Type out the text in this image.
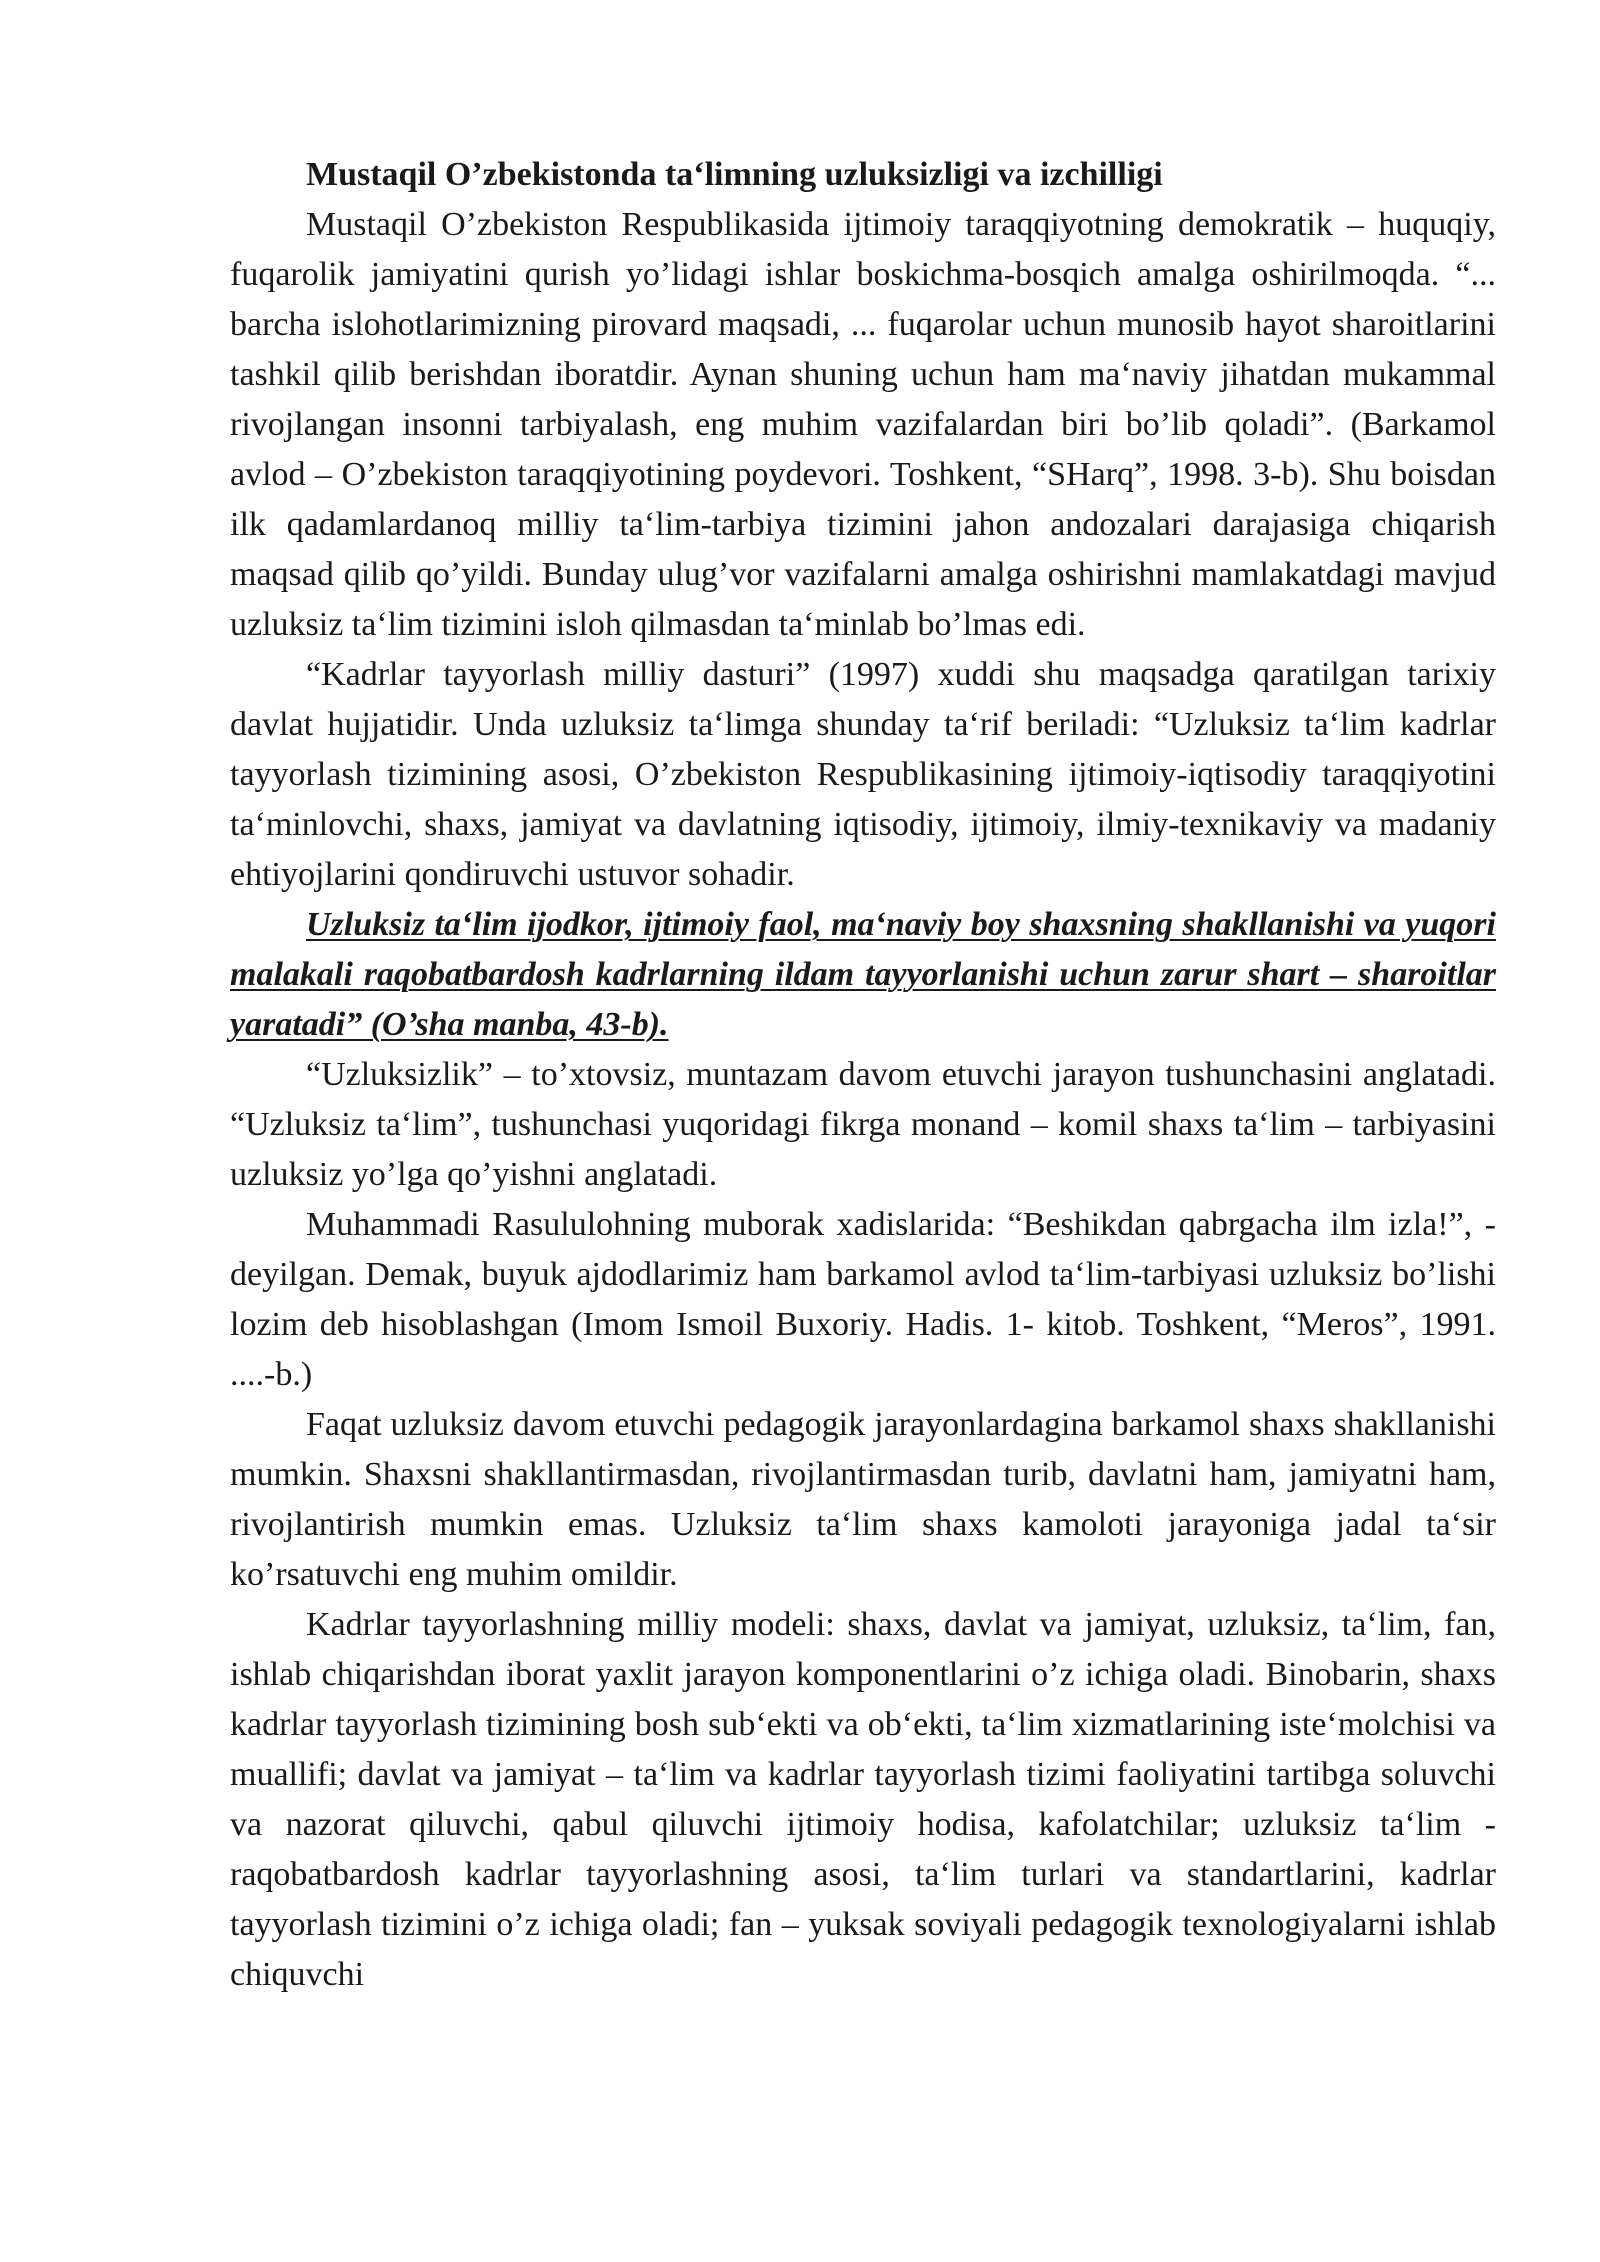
Mustaqil O’zbekistonda ta‘limning uzluksizligi va izchilligi

Mustaqil O’zbekiston Respublikasida ijtimoiy taraqqiyotning demokratik – huquqiy, fuqarolik jamiyatini qurish yo’lidagi ishlar boskichma-bosqich amalga oshirilmoqda. “... barcha islohotlarimizning pirovard maqsadi, ... fuqarolar uchun munosib hayot sharoitlarini tashkil qilib berishdan iboratdir. Aynan shuning uchun ham ma‘naviy jihatdan mukammal rivojlangan insonni tarbiyalash, eng muhim vazifalardan biri bo’lib qoladi”. (Barkamol avlod – O’zbekiston taraqqiyotining poydevori. Toshkent, “SHarq”, 1998. 3-b). Shu boisdan ilk qadamlardanoq milliy ta‘lim-tarbiya tizimini jahon andozalari darajasiga chiqarish maqsad qilib qo’yildi. Bunday ulug’vor vazifalarni amalga oshirishni mamlakatdagi mavjud uzluksiz ta‘lim tizimini isloh qilmasdan ta‘minlab bo’lmas edi.

“Kadrlar tayyorlash milliy dasturi” (1997) xuddi shu maqsadga qaratilgan tarixiy davlat hujjatidir. Unda uzluksiz ta‘limga shunday ta‘rif beriladi: “Uzluksiz ta‘lim kadrlar tayyorlash tizimining asosi, O’zbekiston Respublikasining ijtimoiy-iqtisodiy taraqqiyotini ta‘minlovchi, shaxs, jamiyat va davlatning iqtisodiy, ijtimoiy, ilmiy-texnikaviy va madaniy ehtiyojlarini qondiruvchi ustuvor sohadir.

Uzluksiz ta‘lim ijodkor, ijtimoiy faol, ma‘naviy boy shaxsning shakllanishi va yuqori malakali raqobatbardosh kadrlarning ildam tayyorlanishi uchun zarur shart – sharoitlar yaratadi” (O’sha manba, 43-b).

“Uzluksizlik” – to’xtovsiz, muntazam davom etuvchi jarayon tushunchasini anglatadi. “Uzluksiz ta‘lim”, tushunchasi yuqoridagi fikrga monand – komil shaxs ta‘lim – tarbiyasini uzluksiz yo’lga qo’yishni anglatadi.

Muhammadi Rasululohning muborak xadislarida: “Beshikdan qabrgacha ilm izla!”, - deyilgan. Demak, buyuk ajdodlarimiz ham barkamol avlod ta‘lim-tarbiyasi uzluksiz bo’lishi lozim deb hisoblashgan (Imom Ismoil Buxoriy. Hadis. 1- kitob. Toshkent, “Meros”, 1991. ....-b.)

Faqat uzluksiz davom etuvchi pedagogik jarayonlardagina barkamol shaxs shakllanishi mumkin. Shaxsni shakllantirmasdan, rivojlantirmasdan turib, davlatni ham, jamiyatni ham, rivojlantirish mumkin emas. Uzluksiz ta‘lim shaxs kamoloti jarayoniga jadal ta‘sir ko’rsatuvchi eng muhim omildir.

Kadrlar tayyorlashning milliy modeli: shaxs, davlat va jamiyat, uzluksiz, ta‘lim, fan, ishlab chiqarishdan iborat yaxlit jarayon komponentlarini o’z ichiga oladi. Binobarin, shaxs kadrlar tayyorlash tizimining bosh sub‘ekti va ob‘ekti, ta‘lim xizmatlarining iste‘molchisi va muallifi; davlat va jamiyat – ta‘lim va kadrlar tayyorlash tizimi faoliyatini tartibga soluvchi va nazorat qiluvchi, qabul qiluvchi ijtimoiy hodisa, kafolatchilar; uzluksiz ta‘lim - raqobatbardosh kadrlar tayyorlashning asosi, ta‘lim turlari va standartlarini, kadrlar tayyorlash tizimini o’z ichiga oladi; fan – yuksak soviyali pedagogik texnologiyalarni ishlab chiquvchi
